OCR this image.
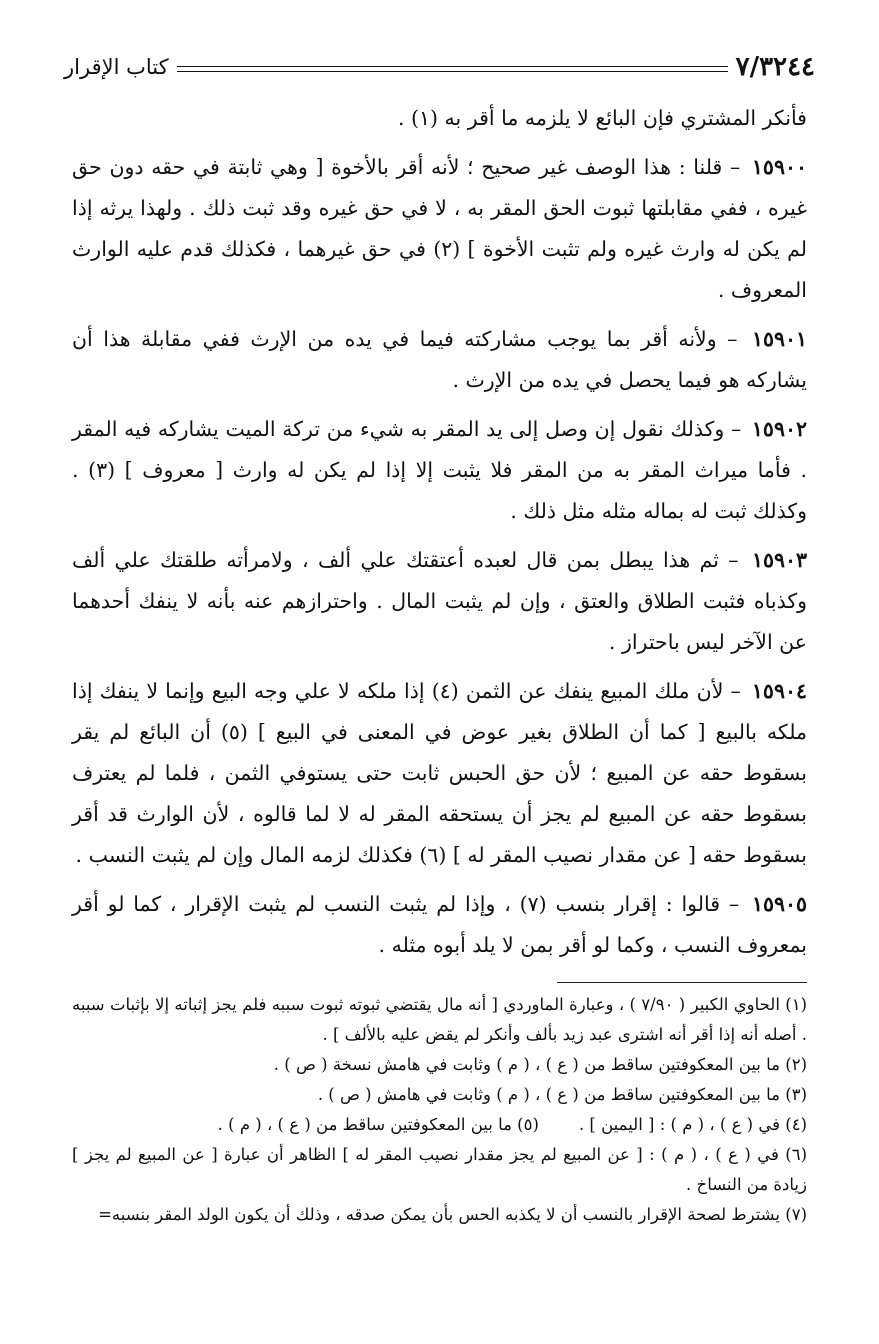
٧/٣٢٤٤
كتاب الإقرار

فأنكر المشتري فإن البائع لا يلزمه ما أقر به (١) .

١٥٩٠٠ – قلنا : هذا الوصف غير صحيح ؛ لأنه أقر بالأخوة [ وهي ثابتة في حقه دون حق غيره ، ففي مقابلتها ثبوت الحق المقر به ، لا في حق غيره وقد ثبت ذلك . ولهذا يرثه إذا لم يكن له وارث غيره ولم تثبت الأخوة ] (٢) في حق غيرهما ، فكذلك قدم عليه الوارث المعروف .

١٥٩٠١ – ولأنه أقر بما يوجب مشاركته فيما في يده من الإرث ففي مقابلة هذا أن يشاركه هو فيما يحصل في يده من الإرث .

١٥٩٠٢ – وكذلك نقول إن وصل إلى يد المقر به شيء من تركة الميت يشاركه فيه المقر . فأما ميراث المقر به من المقر فلا يثبت إلا إذا لم يكن له وارث [ معروف ] (٣) . وكذلك ثبت له بماله مثله مثل ذلك .

١٥٩٠٣ – ثم هذا يبطل بمن قال لعبده أعتقتك علي ألف ، ولامرأته طلقتك علي ألف وكذباه فثبت الطلاق والعتق ، وإن لم يثبت المال . واحترازهم عنه بأنه لا ينفك أحدهما عن الآخر ليس باحتراز .

١٥٩٠٤ – لأن ملك المبيع ينفك عن الثمن (٤) إذا ملكه لا علي وجه البيع وإنما لا ينفك إذا ملكه بالبيع [ كما أن الطلاق بغير عوض في المعنى في البيع ] (٥) أن البائع لم يقر بسقوط حقه عن المبيع ؛ لأن حق الحبس ثابت حتى يستوفي الثمن ، فلما لم يعترف بسقوط حقه عن المبيع لم يجز أن يستحقه المقر له لا لما قالوه ، لأن الوارث قد أقر بسقوط حقه [ عن مقدار نصيب المقر له ] (٦) فكذلك لزمه المال وإن لم يثبت النسب .

١٥٩٠٥ – قالوا : إقرار بنسب (٧) ، وإذا لم يثبت النسب لم يثبت الإقرار ، كما لو أقر بمعروف النسب ، وكما لو أقر بمن لا يلد أبوه مثله .

(١) الحاوي الكبير ( ٧/٩٠ ) ، وعبارة الماوردي [ أنه مال يقتضي ثبوته ثبوت سببه فلم يجز إثباته إلا بإثبات سببه . أصله أنه إذا أقر أنه اشترى عبد زيد بألف وأنكر لم يقض عليه بالألف ] .

(٢) ما بين المعكوفتين ساقط من ( ع ) ، ( م ) وثابت في هامش نسخة ( ص ) .

(٣) ما بين المعكوفتين ساقط من ( ع ) ، ( م ) وثابت في هامش ( ص ) .

(٤) في ( ع ) ، ( م ) : [ اليمين ] .
(٥) ما بين المعكوفتين ساقط من ( ع ) ، ( م ) .

(٦) في ( ع ) ، ( م ) : [ عن المبيع لم يجز مقدار نصيب المقر له ] الظاهر أن عبارة [ عن المبيع لم يجز ] زيادة من النساخ .

(٧) يشترط لصحة الإقرار بالنسب أن لا يكذبه الحس بأن يمكن صدقه ، وذلك أن يكون الولد المقر بنسبه=
